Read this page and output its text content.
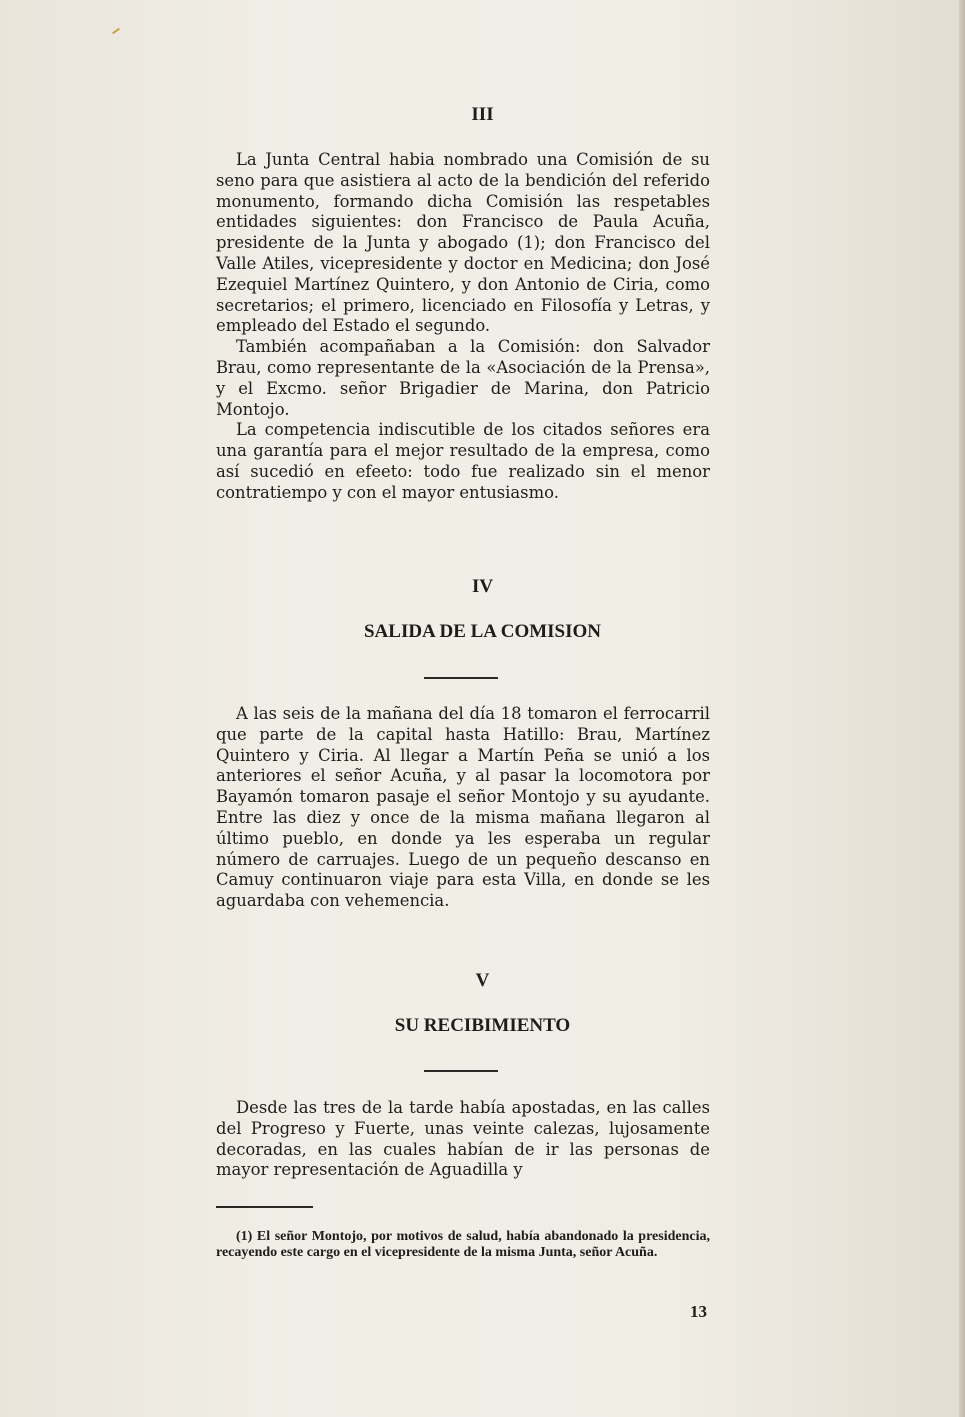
III

La Junta Central habia nombrado una Comisión de su seno para que asistiera al acto de la bendición del referido monumento, formando dicha Comisión las respetables entidades siguientes: don Francisco de Paula Acuña, presidente de la Junta y abogado (1); don Francisco del Valle Atiles, vicepresidente y doctor en Medicina; don José Ezequiel Martínez Quintero, y don Antonio de Ciria, como secretarios; el primero, licenciado en Filosofía y Letras, y empleado del Estado el segundo.

También acompañaban a la Comisión: don Salvador Brau, como representante de la «Asociación de la Prensa», y el Excmo. señor Brigadier de Marina, don Patricio Montojo.

La competencia indiscutible de los citados señores era una garantía para el mejor resultado de la empresa, como así sucedió en efeeto: todo fue realizado sin el menor contratiempo y con el mayor entusiasmo.

IV
SALIDA DE LA COMISION

A las seis de la mañana del día 18 tomaron el ferrocarril que parte de la capital hasta Hatillo: Brau, Martínez Quintero y Ciria. Al llegar a Martín Peña se unió a los anteriores el señor Acuña, y al pasar la locomotora por Bayamón tomaron pasaje el señor Montojo y su ayudante. Entre las diez y once de la misma mañana llegaron al último pueblo, en donde ya les esperaba un regular número de carruajes. Luego de un pequeño descanso en Camuy continuaron viaje para esta Villa, en donde se les aguardaba con vehemencia.

V
SU RECIBIMIENTO

Desde las tres de la tarde había apostadas, en las calles del Progreso y Fuerte, unas veinte calezas, lujosamente decoradas, en las cuales habían de ir las personas de mayor representación de Aguadilla y

(1) El señor Montojo, por motivos de salud, había abandonado la presidencia, recayendo este cargo en el vicepresidente de la misma Junta, señor Acuña.
13
